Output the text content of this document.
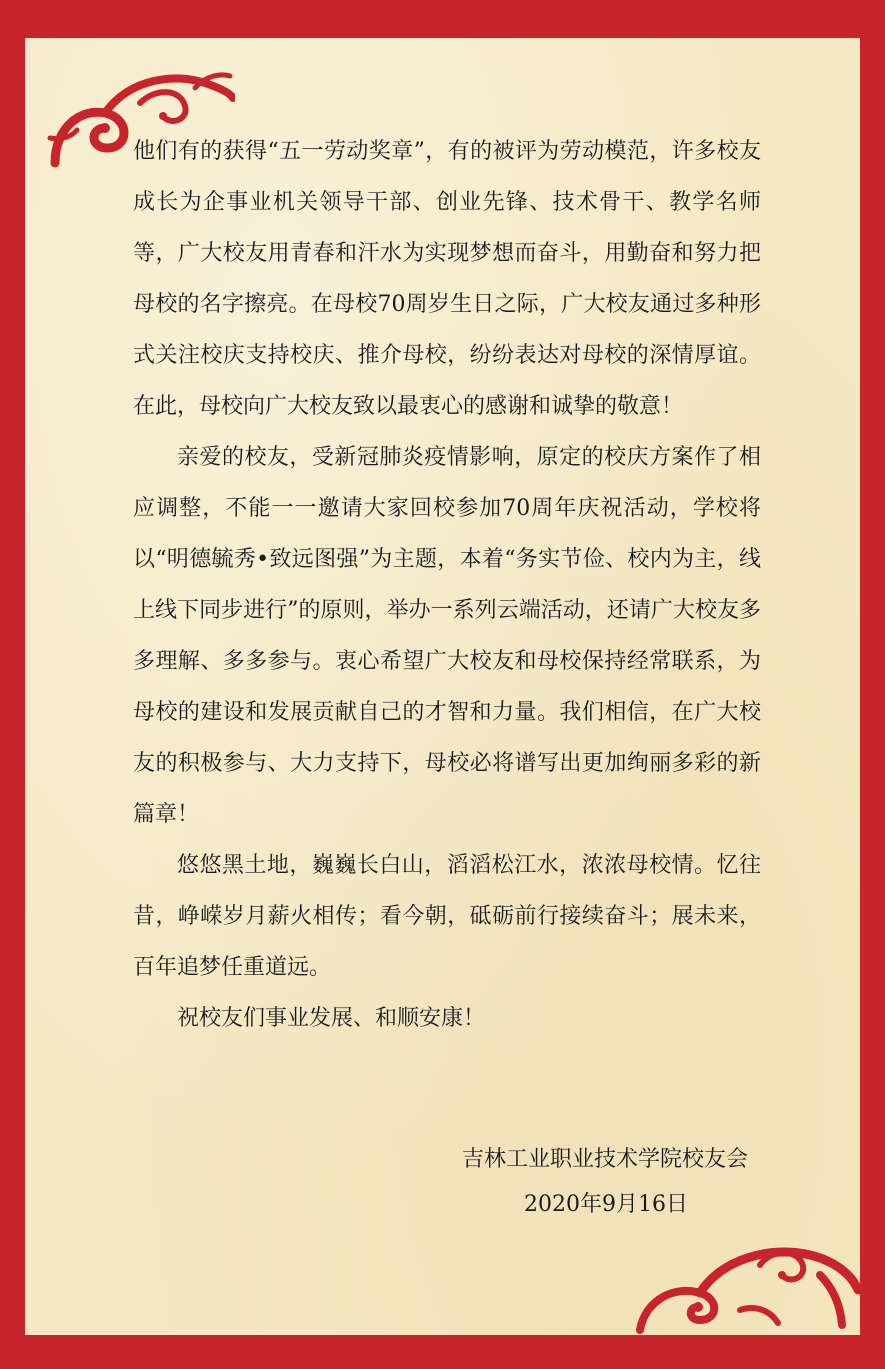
他们有的获得“五一劳动奖章”，有的被评为劳动模范，许多校友成长为企事业机关领导干部、创业先锋、技术骨干、教学名师等，广大校友用青春和汗水为实现梦想而奋斗，用勤奋和努力把母校的名字擦亮。在母校70周岁生日之际，广大校友通过多种形式关注校庆支持校庆、推介母校，纷纷表达对母校的深情厚谊。在此，母校向广大校友致以最衷心的感谢和诚挚的敬意！

亲爱的校友，受新冠肺炎疫情影响，原定的校庆方案作了相应调整，不能一一邀请大家回校参加70周年庆祝活动，学校将以“明德毓秀•致远图强”为主题，本着“务实节俭、校内为主，线上线下同步进行”的原则，举办一系列云端活动，还请广大校友多多理解、多多参与。衷心希望广大校友和母校保持经常联系，为母校的建设和发展贡献自己的才智和力量。我们相信，在广大校友的积极参与、大力支持下，母校必将谱写出更加绚丽多彩的新篇章！

悠悠黑土地，巍巍长白山，滔滔松江水，浓浓母校情。忆往昔，峥嵘岁月薪火相传；看今朝，砥砺前行接续奋斗；展未来，百年追梦任重道远。

祝校友们事业发展、和顺安康！

吉林工业职业技术学院校友会
2020年9月16日
